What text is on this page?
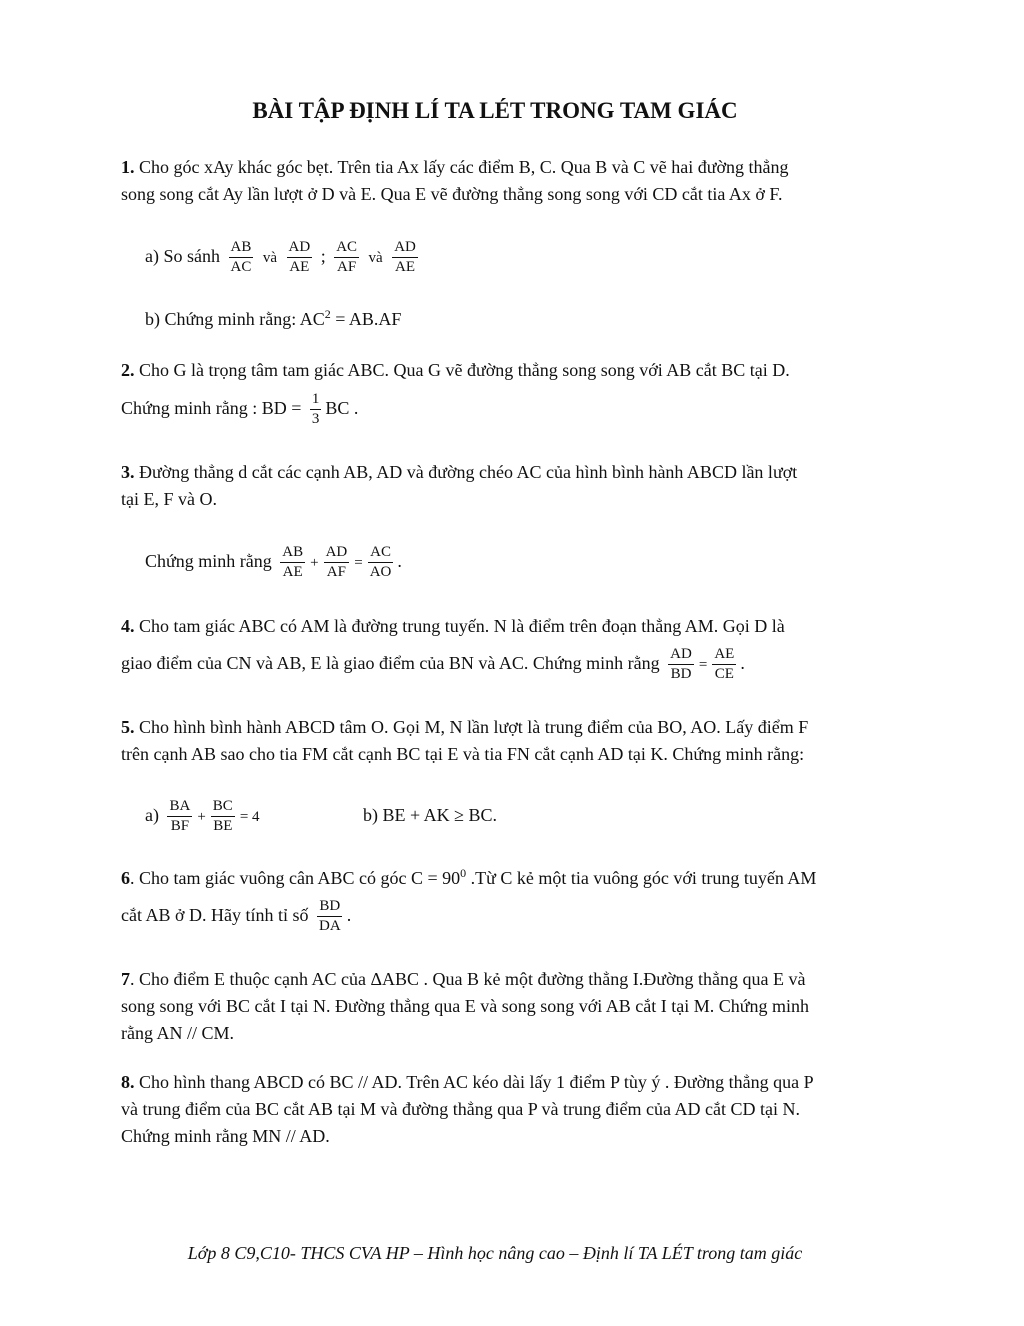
BÀI TẬP ĐỊNH LÍ TA LÉT TRONG TAM GIÁC
1. Cho góc xAy khác góc bẹt. Trên tia Ax lấy các điểm B, C. Qua B và C vẽ hai đường thẳng
song song cắt Ay lần lượt ở D và E. Qua E vẽ đường thẳng song song với CD cắt tia Ax ở F.
a) So sánh $\frac{AB}{AC}$ và $\frac{AD}{AE}$ ; $\frac{AC}{AF}$ và $\frac{AD}{AE}$
b) Chứng minh rằng: $AC^2 = AB.AF$
2. Cho G là trọng tâm tam giác ABC. Qua G vẽ đường thẳng song song với AB cắt BC tại D.
Chứng minh rằng : BD = $\frac{1}{3}$ BC .
3. Đường thẳng d cắt các cạnh AB, AD và đường chéo AC của hình bình hành ABCD lần lượt
tại E, F và O.
Chứng minh rằng $\frac{AB}{AE} + \frac{AD}{AF} = \frac{AC}{AO}$ .
4. Cho tam giác ABC có AM là đường trung tuyến. N là điểm trên đoạn thẳng AM. Gọi D là
giao điểm của CN và AB, E là giao điểm của BN và AC. Chứng minh rằng $\frac{AD}{BD} = \frac{AE}{CE}$ .
5. Cho hình bình hành ABCD tâm O. Gọi M, N lần lượt là trung điểm của BO, AO. Lấy điểm F
trên cạnh AB sao cho tia FM cắt cạnh BC tại E và tia FN cắt cạnh AD tại K. Chứng minh rằng:
$a) \frac{BA}{BF} + \frac{BC}{BE} = 4$	b) BE + AK ≥ BC.
6. Cho tam giác vuông cân ABC có góc $C = 90^0$ .Từ C kẻ một tia vuông góc với trung tuyến AM
cắt AB ở D. Hãy tính tỉ số $\frac{BD}{DA}$ .
7. Cho điểm E thuộc cạnh AC của ΔABC . Qua B kẻ một đường thẳng I.Đường thẳng qua E và
song song với BC cắt I tại N. Đường thẳng qua E và song song với AB cắt I tại M. Chứng minh
rằng AN // CM.
8. Cho hình thang ABCD có BC // AD. Trên AC kéo dài lấy 1 điểm P tùy ý . Đường thẳng qua P
và trung điểm của BC cắt AB tại M và đường thẳng qua P và trung điểm của AD cắt CD tại N.
Chứng minh rằng MN // AD.
Lớp 8 C9,C10- THCS CVA HP – Hình học nâng cao – Định lí TA LÉT trong tam giác
